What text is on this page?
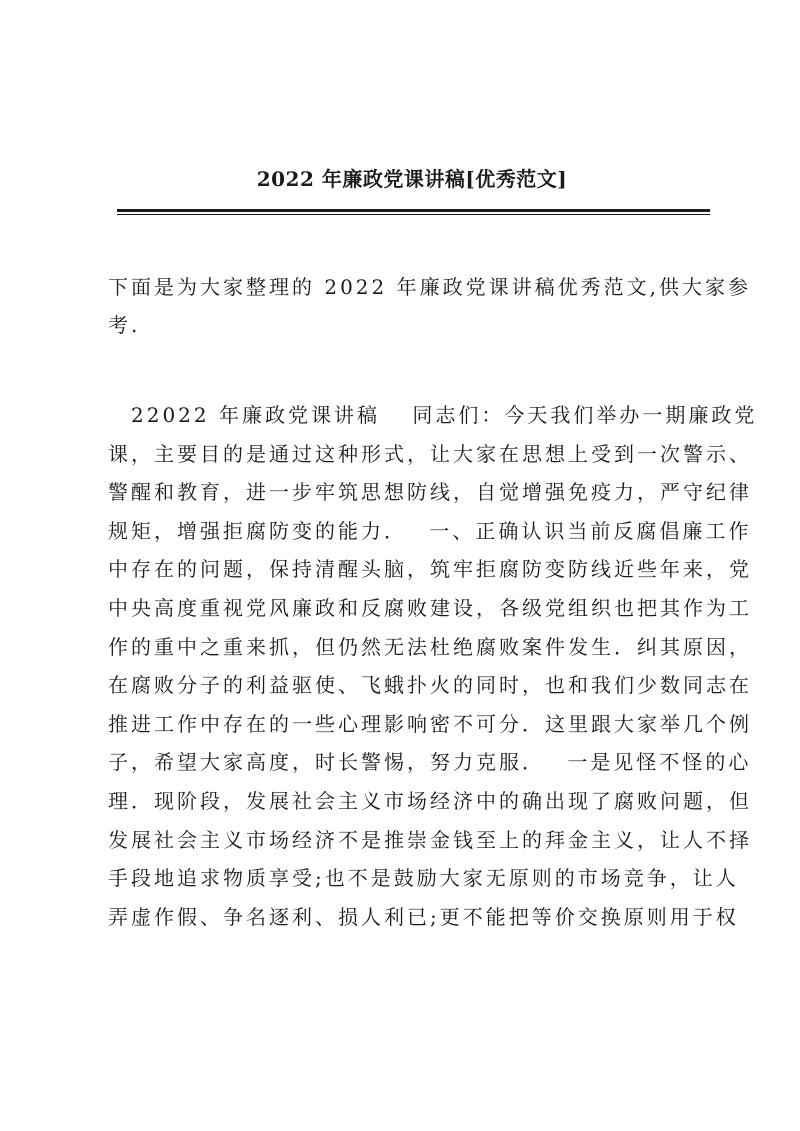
2022 年廉政党课讲稿[优秀范文]

下面是为大家整理的 2022 年廉政党课讲稿优秀范文,供大家参

考.

　22022 年廉政党课讲稿　 同志们：今天我们举办一期廉政党

课，主要目的是通过这种形式，让大家在思想上受到一次警示、

警醒和教育，进一步牢筑思想防线，自觉增强免疫力，严守纪律

规矩，增强拒腐防变的能力．　 一、正确认识当前反腐倡廉工作

中存在的问题，保持清醒头脑，筑牢拒腐防变防线近些年来，党

中央高度重视党风廉政和反腐败建设，各级党组织也把其作为工

作的重中之重来抓，但仍然无法杜绝腐败案件发生．纠其原因，

在腐败分子的利益驱使、飞蛾扑火的同时，也和我们少数同志在

推进工作中存在的一些心理影响密不可分．这里跟大家举几个例

子，希望大家高度，时长警惕，努力克服．　 一是见怪不怪的心

理．现阶段，发展社会主义市场经济中的确出现了腐败问题，但

发展社会主义市场经济不是推崇金钱至上的拜金主义，让人不择

手段地追求物质享受;也不是鼓励大家无原则的市场竞争，让人

弄虚作假、争名逐利、损人利已;更不能把等价交换原则用于权
